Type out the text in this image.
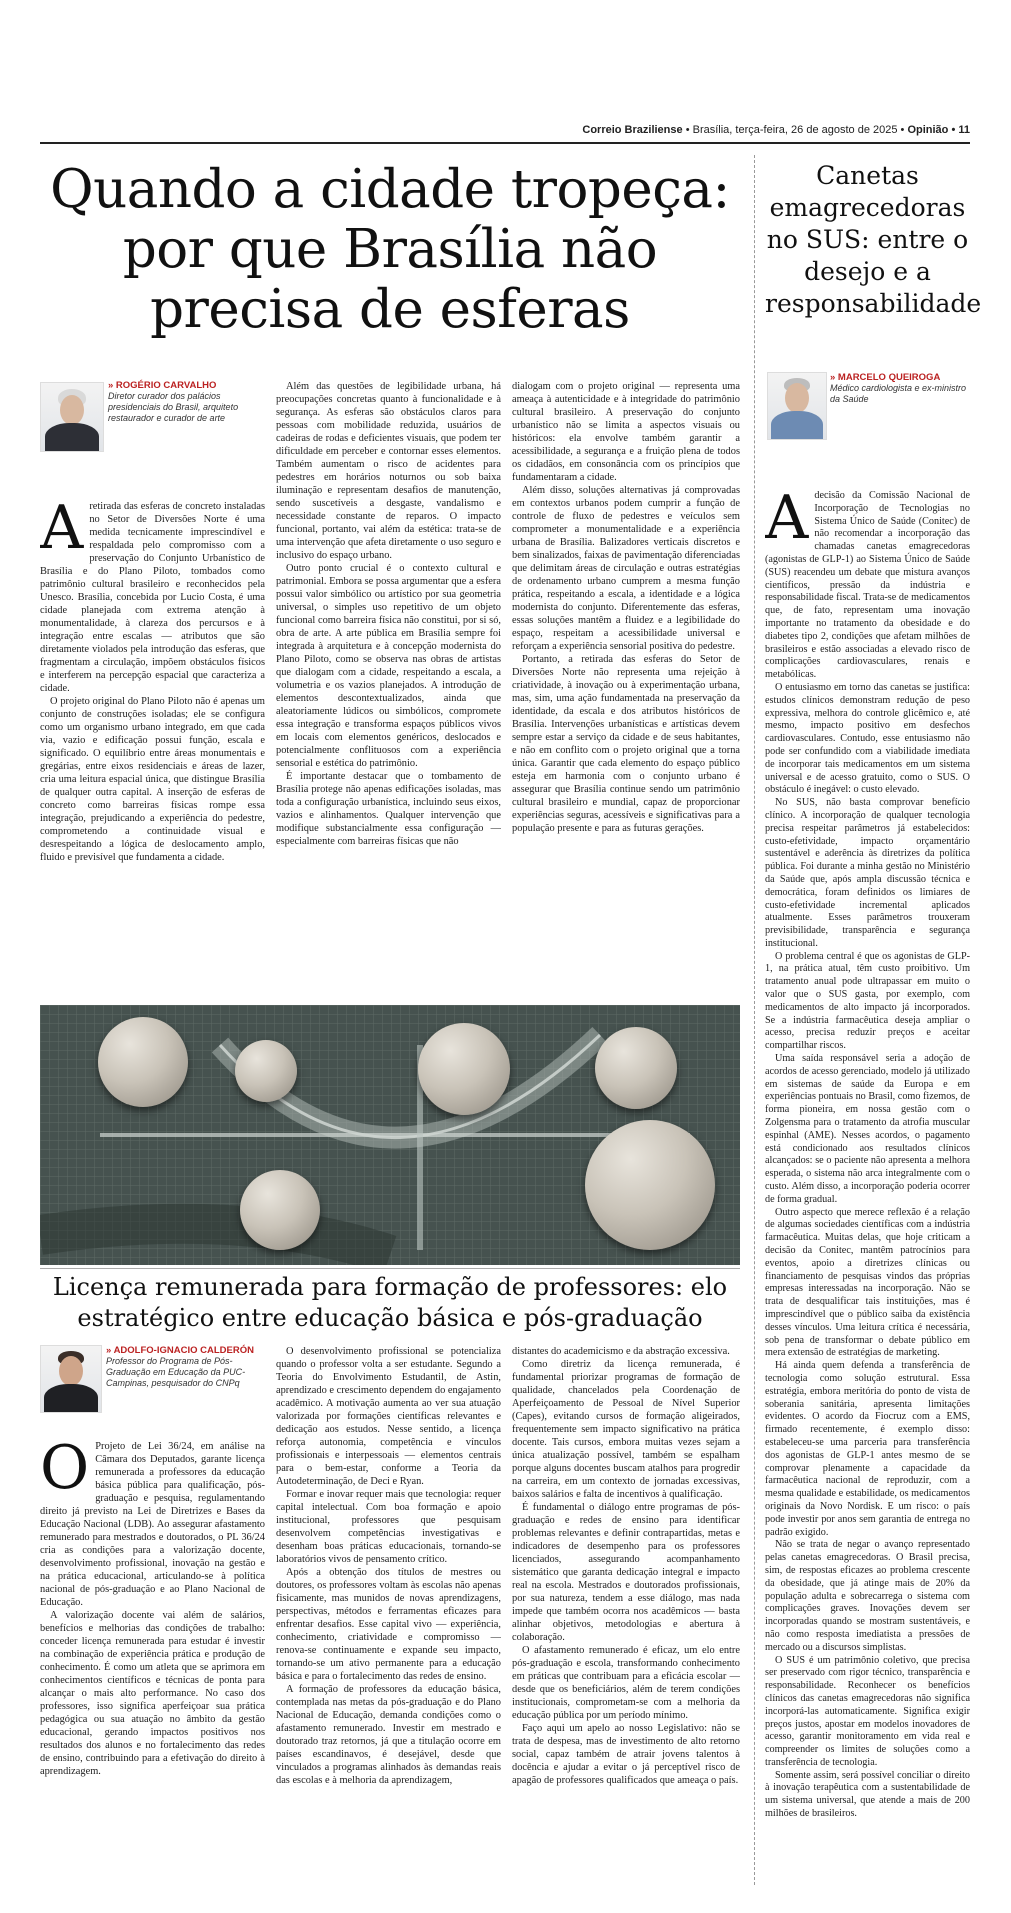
Correio Braziliense • Brasília, terça-feira, 26 de agosto de 2025 • Opinião • 11
Quando a cidade tropeça: por que Brasília não precisa de esferas
» ROGÉRIO CARVALHO
Diretor curador dos palácios presidenciais do Brasil, arquiteto restaurador e curador de arte
A retirada das esferas de concreto instaladas no Setor de Diversões Norte é uma medida tecnicamente imprescindível e respaldada pelo compromisso com a preservação do Conjunto Urbanístico de Brasília e do Plano Piloto, tombados como patrimônio cultural brasileiro e reconhecidos pela Unesco. Brasília, concebida por Lucio Costa, é uma cidade planejada com extrema atenção à monumentalidade, à clareza dos percursos e à integração entre escalas — atributos que são diretamente violados pela introdução das esferas, que fragmentam a circulação, impõem obstáculos físicos e interferem na percepção espacial que caracteriza a cidade.

O projeto original do Plano Piloto não é apenas um conjunto de construções isoladas; ele se configura como um organismo urbano integrado, em que cada via, vazio e edificação possui função, escala e significado. O equilíbrio entre áreas monumentais e gregárias, entre eixos residenciais e áreas de lazer, cria uma leitura espacial única, que distingue Brasília de qualquer outra capital. A inserção de esferas de concreto como barreiras físicas rompe essa integração, prejudicando a experiência do pedestre, comprometendo a continuidade visual e desrespeitando a lógica de deslocamento amplo, fluido e previsível que fundamenta a cidade.

Além das questões de legibilidade urbana, há preocupações concretas quanto à funcionalidade e à segurança. As esferas são obstáculos claros para pessoas com mobilidade reduzida, usuários de cadeiras de rodas e deficientes visuais, que podem ter dificuldade em perceber e contornar esses elementos. Também aumentam o risco de acidentes para pedestres em horários noturnos ou sob baixa iluminação e representam desafios de manutenção, sendo suscetíveis a desgaste, vandalismo e necessidade constante de reparos. O impacto funcional, portanto, vai além da estética: trata-se de uma intervenção que afeta diretamente o uso seguro e inclusivo do espaço urbano.

Outro ponto crucial é o contexto cultural e patrimonial. Embora se possa argumentar que a esfera possui valor simbólico ou artístico por sua geometria universal, o simples uso repetitivo de um objeto funcional como barreira física não constitui, por si só, obra de arte. A arte pública em Brasília sempre foi integrada à arquitetura e à concepção modernista do Plano Piloto, como se observa nas obras de artistas que dialogam com a cidade, respeitando a escala, a volumetria e os vazios planejados. A introdução de elementos descontextualizados, ainda que aleatoriamente lúdicos ou simbólicos, compromete essa integração e transforma espaços públicos vivos em locais com elementos genéricos, deslocados e potencialmente conflituosos com a experiência sensorial e estética do patrimônio.

É importante destacar que o tombamento de Brasília protege não apenas edificações isoladas, mas toda a configuração urbanística, incluindo seus eixos, vazios e alinhamentos. Qualquer intervenção que modifique substancialmente essa configuração — especialmente com barreiras físicas que não

dialogam com o projeto original — representa uma ameaça à autenticidade e à integridade do patrimônio cultural brasileiro. A preservação do conjunto urbanístico não se limita a aspectos visuais ou históricos: ela envolve também garantir a acessibilidade, a segurança e a fruição plena de todos os cidadãos, em consonância com os princípios que fundamentaram a cidade.

Além disso, soluções alternativas já comprovadas em contextos urbanos podem cumprir a função de controle de fluxo de pedestres e veículos sem comprometer a monumentalidade e a experiência urbana de Brasília. Balizadores verticais discretos e bem sinalizados, faixas de pavimentação diferenciadas que delimitam áreas de circulação e outras estratégias de ordenamento urbano cumprem a mesma função prática, respeitando a escala, a identidade e a lógica modernista do conjunto. Diferentemente das esferas, essas soluções mantêm a fluidez e a legibilidade do espaço, respeitam a acessibilidade universal e reforçam a experiência sensorial positiva do pedestre.

Portanto, a retirada das esferas do Setor de Diversões Norte não representa uma rejeição à criatividade, à inovação ou à experimentação urbana, mas, sim, uma ação fundamentada na preservação da identidade, da escala e dos atributos históricos de Brasília. Intervenções urbanísticas e artísticas devem sempre estar a serviço da cidade e de seus habitantes, e não em conflito com o projeto original que a torna única. Garantir que cada elemento do espaço público esteja em harmonia com o conjunto urbano é assegurar que Brasília continue sendo um patrimônio cultural brasileiro e mundial, capaz de proporcionar experiências seguras, acessíveis e significativas para a população presente e para as futuras gerações.

Licença remunerada para formação de professores: elo estratégico entre educação básica e pós-graduação
» ADOLFO-IGNACIO CALDERÓN
Professor do Programa de Pós-Graduação em Educação da PUC-Campinas, pesquisador do CNPq
O Projeto de Lei 36/24, em análise na Câmara dos Deputados, garante licença remunerada a professores da educação básica pública para qualificação, pós-graduação e pesquisa, regulamentando direito já previsto na Lei de Diretrizes e Bases da Educação Nacional (LDB). Ao assegurar afastamento remunerado para mestrados e doutorados, o PL 36/24 cria as condições para a valorização docente, desenvolvimento profissional, inovação na gestão e na prática educacional, articulando-se à política nacional de pós-graduação e ao Plano Nacional de Educação.

A valorização docente vai além de salários, benefícios e melhorias das condições de trabalho: conceder licença remunerada para estudar é investir na combinação de experiência prática e produção de conhecimento. É como um atleta que se aprimora em conhecimentos científicos e técnicas de ponta para alcançar o mais alto performance. No caso dos professores, isso significa aperfeiçoar sua prática pedagógica ou sua atuação no âmbito da gestão educacional, gerando impactos positivos nos resultados dos alunos e no fortalecimento das redes de ensino, contribuindo para a efetivação do direito à aprendizagem.

O desenvolvimento profissional se potencializa quando o professor volta a ser estudante. Segundo a Teoria do Envolvimento Estudantil, de Astin, aprendizado e crescimento dependem do engajamento acadêmico. A motivação aumenta ao ver sua atuação valorizada por formações científicas relevantes e dedicação aos estudos. Nesse sentido, a licença reforça autonomia, competência e vínculos profissionais e interpessoais — elementos centrais para o bem-estar, conforme a Teoria da Autodeterminação, de Deci e Ryan.

Formar e inovar requer mais que tecnologia: requer capital intelectual. Com boa formação e apoio institucional, professores que pesquisam desenvolvem competências investigativas e desenham boas práticas educacionais, tornando-se laboratórios vivos de pensamento crítico.

Após a obtenção dos títulos de mestres ou doutores, os professores voltam às escolas não apenas fisicamente, mas munidos de novas aprendizagens, perspectivas, métodos e ferramentas eficazes para enfrentar desafios. Esse capital vivo — experiência, conhecimento, criatividade e compromisso — renova-se continuamente e expande seu impacto, tornando-se um ativo permanente para a educação básica e para o fortalecimento das redes de ensino.

A formação de professores da educação básica, contemplada nas metas da pós-graduação e do Plano Nacional de Educação, demanda condições como o afastamento remunerado. Investir em mestrado e doutorado traz retornos, já que a titulação ocorre em países escandinavos, é desejável, desde que vinculados a programas alinhados às demandas reais das escolas e à melhoria da aprendizagem,

distantes do academicismo e da abstração excessiva.

Como diretriz da licença remunerada, é fundamental priorizar programas de formação de qualidade, chancelados pela Coordenação de Aperfeiçoamento de Pessoal de Nível Superior (Capes), evitando cursos de formação aligeirados, frequentemente sem impacto significativo na prática docente. Tais cursos, embora muitas vezes sejam a única atualização possível, também se espalham porque alguns docentes buscam atalhos para progredir na carreira, em um contexto de jornadas excessivas, baixos salários e falta de incentivos à qualificação.

É fundamental o diálogo entre programas de pós-graduação e redes de ensino para identificar problemas relevantes e definir contrapartidas, metas e indicadores de desempenho para os professores licenciados, assegurando acompanhamento sistemático que garanta dedicação integral e impacto real na escola. Mestrados e doutorados profissionais, por sua natureza, tendem a esse diálogo, mas nada impede que também ocorra nos acadêmicos — basta alinhar objetivos, metodologias e abertura à colaboração.

O afastamento remunerado é eficaz, um elo entre pós-graduação e escola, transformando conhecimento em práticas que contribuam para a eficácia escolar — desde que os beneficiários, além de terem condições institucionais, comprometam-se com a melhoria da educação pública por um período mínimo.

Faço aqui um apelo ao nosso Legislativo: não se trata de despesa, mas de investimento de alto retorno social, capaz também de atrair jovens talentos à docência e ajudar a evitar o já perceptível risco de apagão de professores qualificados que ameaça o país.

Canetas emagrecedoras no SUS: entre o desejo e a responsabilidade
» MARCELO QUEIROGA
Médico cardiologista e ex-ministro da Saúde
A decisão da Comissão Nacional de Incorporação de Tecnologias no Sistema Único de Saúde (Conitec) de não recomendar a incorporação das chamadas canetas emagrecedoras (agonistas de GLP-1) ao Sistema Único de Saúde (SUS) reacendeu um debate que mistura avanços científicos, pressão da indústria e responsabilidade fiscal. Trata-se de medicamentos que, de fato, representam uma inovação importante no tratamento da obesidade e do diabetes tipo 2, condições que afetam milhões de brasileiros e estão associadas a elevado risco de complicações cardiovasculares, renais e metabólicas.

O entusiasmo em torno das canetas se justifica: estudos clínicos demonstram redução de peso expressiva, melhora do controle glicêmico e, até mesmo, impacto positivo em desfechos cardiovasculares. Contudo, esse entusiasmo não pode ser confundido com a viabilidade imediata de incorporar tais medicamentos em um sistema universal e de acesso gratuito, como o SUS. O obstáculo é inegável: o custo elevado.

No SUS, não basta comprovar benefício clínico. A incorporação de qualquer tecnologia precisa respeitar parâmetros já estabelecidos: custo-efetividade, impacto orçamentário sustentável e aderência às diretrizes da política pública. Foi durante a minha gestão no Ministério da Saúde que, após ampla discussão técnica e democrática, foram definidos os limiares de custo-efetividade incremental aplicados atualmente. Esses parâmetros trouxeram previsibilidade, transparência e segurança institucional.

O problema central é que os agonistas de GLP-1, na prática atual, têm custo proibitivo. Um tratamento anual pode ultrapassar em muito o valor que o SUS gasta, por exemplo, com medicamentos de alto impacto já incorporados. Se a indústria farmacêutica deseja ampliar o acesso, precisa reduzir preços e aceitar compartilhar riscos.

Uma saída responsável seria a adoção de acordos de acesso gerenciado, modelo já utilizado em sistemas de saúde da Europa e em experiências pontuais no Brasil, como fizemos, de forma pioneira, em nossa gestão com o Zolgensma para o tratamento da atrofia muscular espinhal (AME). Nesses acordos, o pagamento está condicionado aos resultados clínicos alcançados: se o paciente não apresenta a melhora esperada, o sistema não arca integralmente com o custo. Além disso, a incorporação poderia ocorrer de forma gradual.

Outro aspecto que merece reflexão é a relação de algumas sociedades científicas com a indústria farmacêutica. Muitas delas, que hoje criticam a decisão da Conitec, mantêm patrocínios para eventos, apoio a diretrizes clínicas ou financiamento de pesquisas vindos das próprias empresas interessadas na incorporação. Não se trata de desqualificar tais instituições, mas é imprescindível que o público saiba da existência desses vínculos. Uma leitura crítica é necessária, sob pena de transformar o debate público em mera extensão de estratégias de marketing.

Há ainda quem defenda a transferência de tecnologia como solução estrutural. Essa estratégia, embora meritória do ponto de vista de soberania sanitária, apresenta limitações evidentes. O acordo da Fiocruz com a EMS, firmado recentemente, é exemplo disso: estabeleceu-se uma parceria para transferência dos agonistas de GLP-1 antes mesmo de se comprovar plenamente a capacidade da farmacêutica nacional de reproduzir, com a mesma qualidade e estabilidade, os medicamentos originais da Novo Nordisk. E um risco: o país pode investir por anos sem garantia de entrega no padrão exigido.

Não se trata de negar o avanço representado pelas canetas emagrecedoras. O Brasil precisa, sim, de respostas eficazes ao problema crescente da obesidade, que já atinge mais de 20% da população adulta e sobrecarrega o sistema com complicações graves. Inovações devem ser incorporadas quando se mostram sustentáveis, e não como resposta imediatista a pressões de mercado ou a discursos simplistas.

O SUS é um patrimônio coletivo, que precisa ser preservado com rigor técnico, transparência e responsabilidade. Reconhecer os benefícios clínicos das canetas emagrecedoras não significa incorporá-las automaticamente. Significa exigir preços justos, apostar em modelos inovadores de acesso, garantir monitoramento em vida real e compreender os limites de soluções como a transferência de tecnologia.

Somente assim, será possível conciliar o direito à inovação terapêutica com a sustentabilidade de um sistema universal, que atende a mais de 200 milhões de brasileiros.
